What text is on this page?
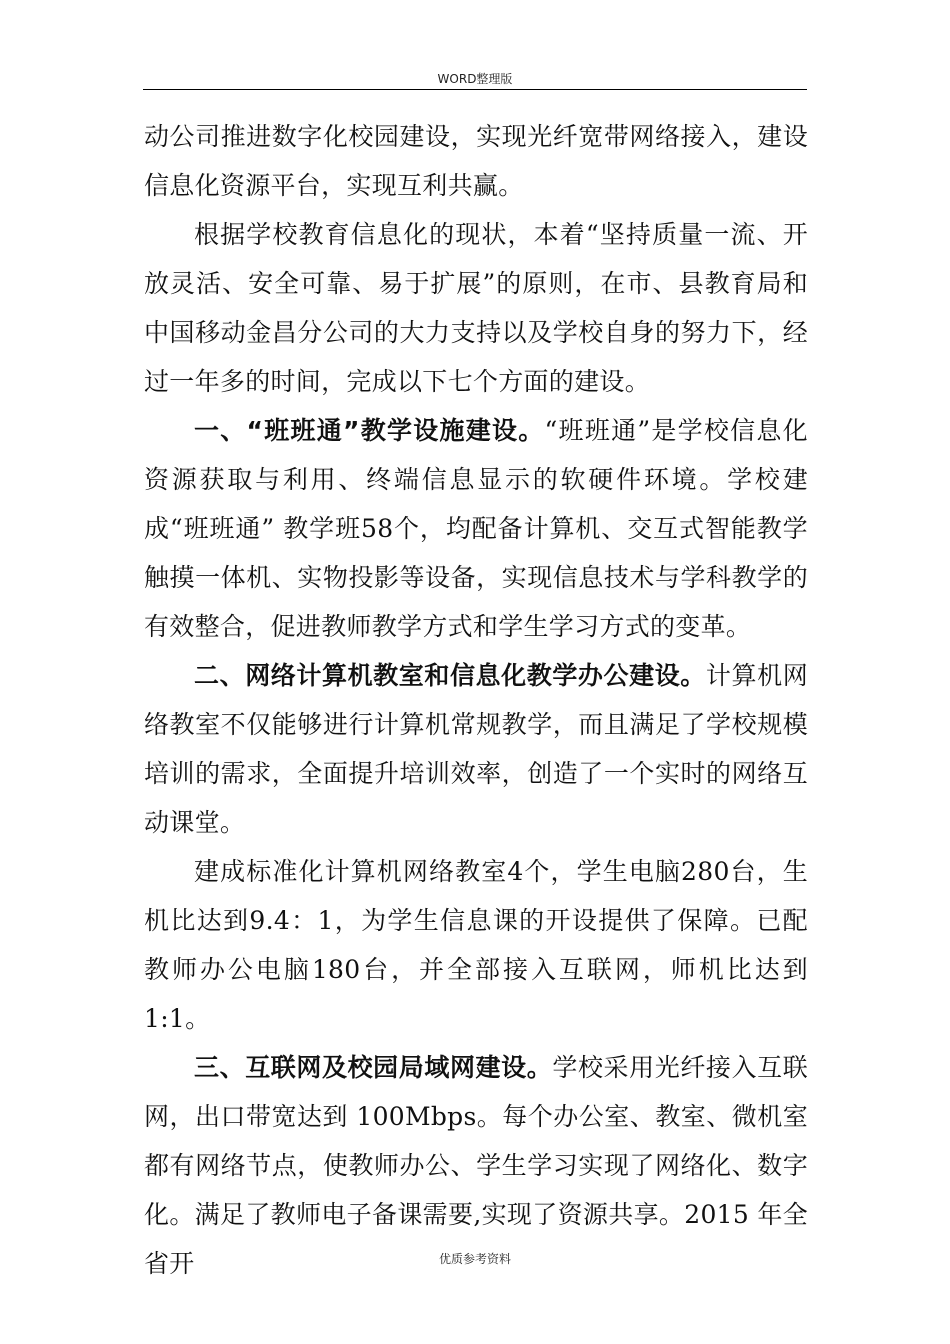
WORD整理版

动公司推进数字化校园建设，实现光纤宽带网络接入，建设信息化资源平台，实现互利共赢。

根据学校教育信息化的现状，本着“坚持质量一流、开放灵活、安全可靠、易于扩展”的原则，在市、县教育局和中国移动金昌分公司的大力支持以及学校自身的努力下，经过一年多的时间，完成以下七个方面的建设。

一、“班班通”教学设施建设。“班班通”是学校信息化资源获取与利用、终端信息显示的软硬件环境。学校建成“班班通” 教学班58个，均配备计算机、交互式智能教学触摸一体机、实物投影等设备，实现信息技术与学科教学的有效整合，促进教师教学方式和学生学习方式的变革。

二、网络计算机教室和信息化教学办公建设。计算机网络教室不仅能够进行计算机常规教学，而且满足了学校规模培训的需求，全面提升培训效率，创造了一个实时的网络互动课堂。

建成标准化计算机网络教室4个，学生电脑280台，生机比达到9.4：1，为学生信息课的开设提供了保障。已配教师办公电脑180台，并全部接入互联网，师机比达到1:1。

三、互联网及校园局域网建设。学校采用光纤接入互联网，出口带宽达到 100Mbps。每个办公室、教室、微机室都有网络节点，使教师办公、学生学习实现了网络化、数字化。满足了教师电子备课需要,实现了资源共享。2015 年全省开	优质参考资料
